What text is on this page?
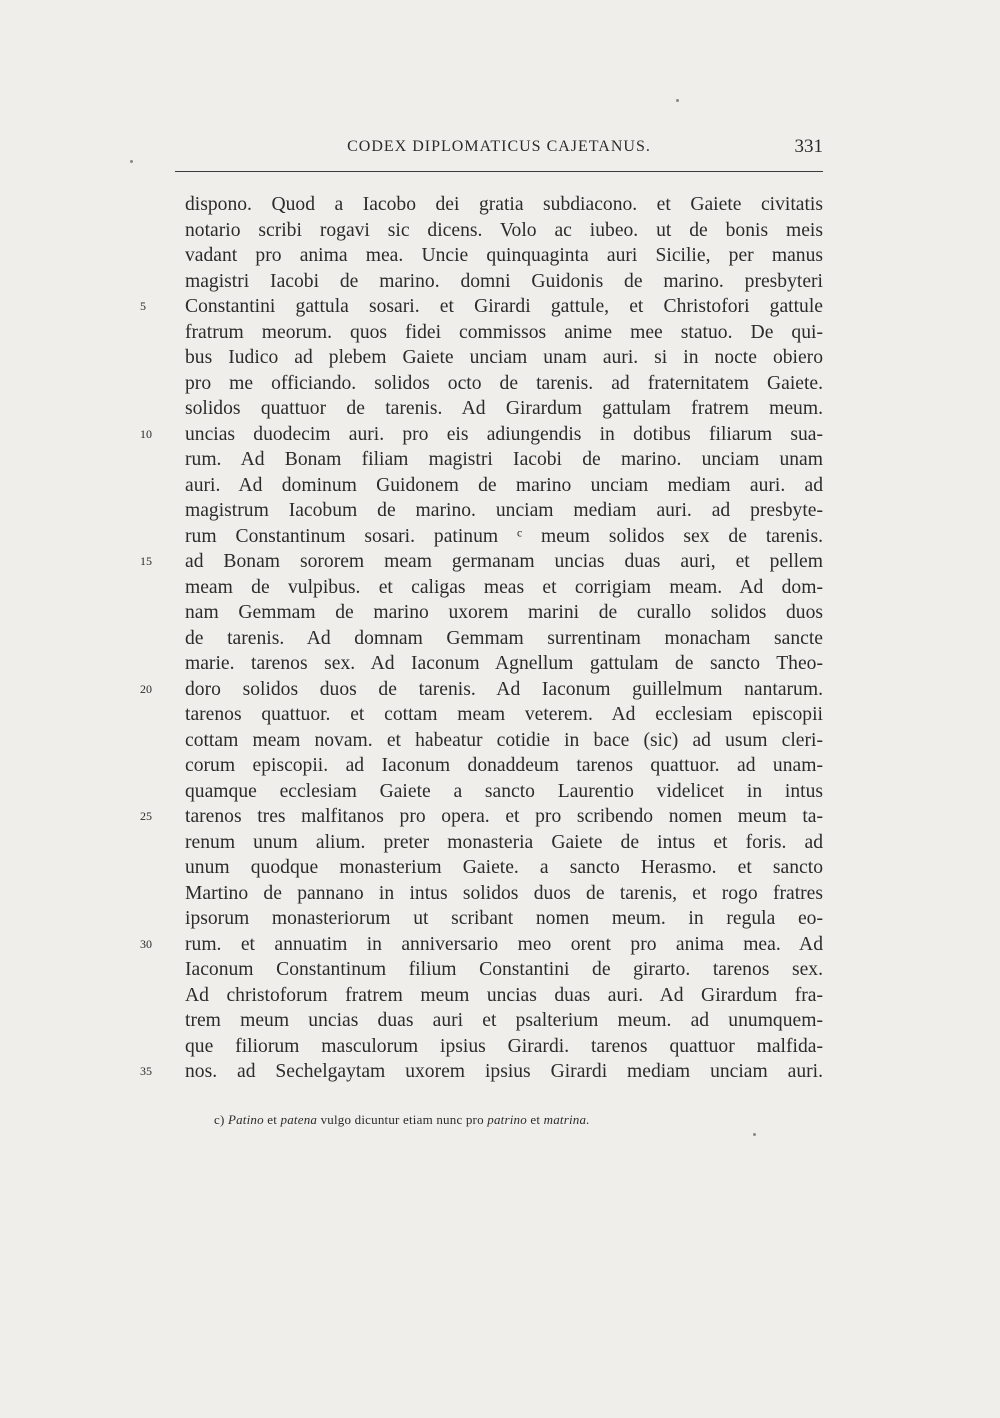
CODEX DIPLOMATICUS CAJETANUS.	331
5
10
15
20
25
30
35
dispono. Quod a Iacobo dei gratia subdiacono. et Gaiete civitatis
notario scribi rogavi sic dicens. Volo ac iubeo. ut de bonis meis
vadant pro anima mea. Uncie quinquaginta auri Sicilie, per manus
magistri Iacobi de marino. domni Guidonis de marino. presbyteri
Constantini gattula sosari. et Girardi gattule, et Christofori gattule
fratrum meorum. quos fidei commissos anime mee statuo. De qui-
bus Iudico ad plebem Gaiete unciam unam auri. si in nocte obiero
pro me officiando. solidos octo de tarenis. ad fraternitatem Gaiete.
solidos quattuor de tarenis. Ad Girardum gattulam fratrem meum.
uncias duodecim auri. pro eis adiungendis in dotibus filiarum sua-
rum. Ad Bonam filiam magistri Iacobi de marino. unciam unam
auri. Ad dominum Guidonem de marino unciam mediam auri. ad
magistrum Iacobum de marino. unciam mediam auri. ad presbyte-
rum Constantinum sosari. patinum ᶜ meum solidos sex de tarenis.
ad Bonam sororem meam germanam uncias duas auri, et pellem
meam de vulpibus. et caligas meas et corrigiam meam. Ad dom-
nam Gemmam de marino uxorem marini de curallo solidos duos
de tarenis. Ad domnam Gemmam surrentinam monacham sancte
marie. tarenos sex. Ad Iaconum Agnellum gattulam de sancto Theo-
doro solidos duos de tarenis. Ad Iaconum guillelmum nantarum.
tarenos quattuor. et cottam meam veterem. Ad ecclesiam episcopii
cottam meam novam. et habeatur cotidie in bace (sic) ad usum cleri-
corum episcopii. ad Iaconum donaddeum tarenos quattuor. ad unam-
quamque ecclesiam Gaiete a sancto Laurentio videlicet in intus
tarenos tres malfitanos pro opera. et pro scribendo nomen meum ta-
renum unum alium. preter monasteria Gaiete de intus et foris. ad
unum quodque monasterium Gaiete. a sancto Herasmo. et sancto
Martino de pannano in intus solidos duos de tarenis, et rogo fratres
ipsorum monasteriorum ut scribant nomen meum. in regula eo-
rum. et annuatim in anniversario meo orent pro anima mea. Ad
Iaconum Constantinum filium Constantini de girarto. tarenos sex.
Ad christoforum fratrem meum uncias duas auri. Ad Girardum fra-
trem meum uncias duas auri et psalterium meum. ad unumquem-
que filiorum masculorum ipsius Girardi. tarenos quattuor malfida-
nos. ad Sechelgaytam uxorem ipsius Girardi mediam unciam auri.
c) Patino et patena vulgo dicuntur etiam nunc pro patrino et matrina.
